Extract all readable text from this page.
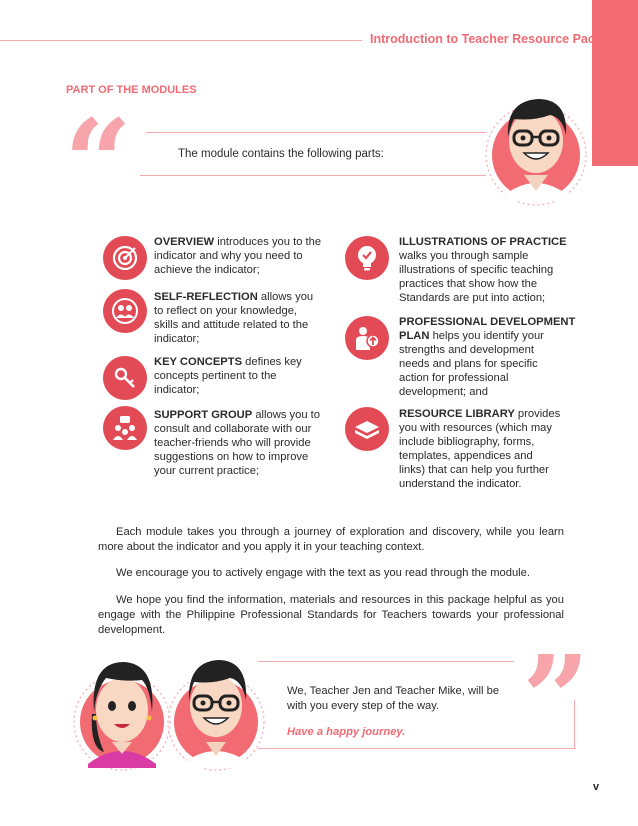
Introduction to Teacher Resource Package
PART OF THE MODULES
“	The module contains the following parts:
OVERVIEW introduces you to the
indicator and why you need to
achieve the indicator;
SELF-REFLECTION allows you
to reflect on your knowledge,
skills and attitude related to the
indicator;
KEY CONCEPTS defines key
concepts pertinent to the
indicator;
SUPPORT GROUP allows you to
consult and collaborate with our
teacher-friends who will provide
suggestions on how to improve
your current practice;
ILLUSTRATIONS OF PRACTICE
walks you through sample
illustrations of specific teaching
practices that show how the
Standards are put into action;
PROFESSIONAL DEVELOPMENT
PLAN helps you identify your
strengths and development
needs and plans for specific
action for professional
development; and
RESOURCE LIBRARY provides
you with resources (which may
include bibliography, forms,
templates, appendices and
links) that can help you further
understand the indicator.
Each module takes you through a journey of exploration and discovery, while you learn more about the indicator and you apply it in your teaching context.
We encourage you to actively engage with the text as you read through the module.
We hope you find the information, materials and resources in this package helpful as you engage with the Philippine Professional Standards for Teachers towards your professional development.
We, Teacher Jen and Teacher Mike, will be
with you every step of the way.
Have a happy journey. ”
v
